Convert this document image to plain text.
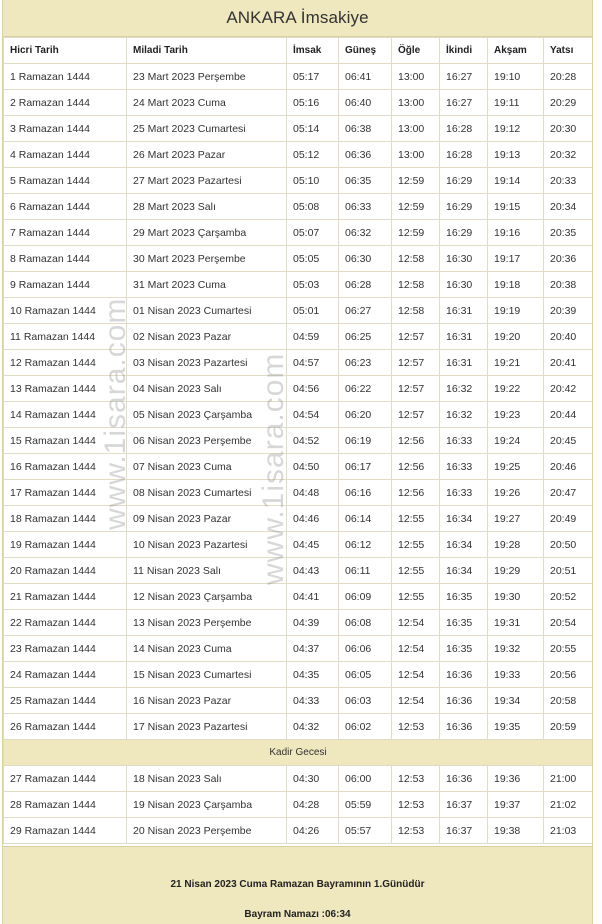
ANKARA İmsakiye
Hicri Tarih	Miladi Tarih	İmsak	Güneş	Öğle	İkindi	Akşam	Yatsı
1 Ramazan 1444	23 Mart 2023 Perşembe	05:17	06:41	13:00	16:27	19:10	20:28
2 Ramazan 1444	24 Mart 2023 Cuma	05:16	06:40	13:00	16:27	19:11	20:29
3 Ramazan 1444	25 Mart 2023 Cumartesi	05:14	06:38	13:00	16:28	19:12	20:30
4 Ramazan 1444	26 Mart 2023 Pazar	05:12	06:36	13:00	16:28	19:13	20:32
5 Ramazan 1444	27 Mart 2023 Pazartesi	05:10	06:35	12:59	16:29	19:14	20:33
6 Ramazan 1444	28 Mart 2023 Salı	05:08	06:33	12:59	16:29	19:15	20:34
7 Ramazan 1444	29 Mart 2023 Çarşamba	05:07	06:32	12:59	16:29	19:16	20:35
8 Ramazan 1444	30 Mart 2023 Perşembe	05:05	06:30	12:58	16:30	19:17	20:36
9 Ramazan 1444	31 Mart 2023 Cuma	05:03	06:28	12:58	16:30	19:18	20:38
10 Ramazan 1444	01 Nisan 2023 Cumartesi	05:01	06:27	12:58	16:31	19:19	20:39
11 Ramazan 1444	02 Nisan 2023 Pazar	04:59	06:25	12:57	16:31	19:20	20:40
12 Ramazan 1444	03 Nisan 2023 Pazartesi	04:57	06:23	12:57	16:31	19:21	20:41
13 Ramazan 1444	04 Nisan 2023 Salı	04:56	06:22	12:57	16:32	19:22	20:42
14 Ramazan 1444	05 Nisan 2023 Çarşamba	04:54	06:20	12:57	16:32	19:23	20:44
15 Ramazan 1444	06 Nisan 2023 Perşembe	04:52	06:19	12:56	16:33	19:24	20:45
16 Ramazan 1444	07 Nisan 2023 Cuma	04:50	06:17	12:56	16:33	19:25	20:46
17 Ramazan 1444	08 Nisan 2023 Cumartesi	04:48	06:16	12:56	16:33	19:26	20:47
18 Ramazan 1444	09 Nisan 2023 Pazar	04:46	06:14	12:55	16:34	19:27	20:49
19 Ramazan 1444	10 Nisan 2023 Pazartesi	04:45	06:12	12:55	16:34	19:28	20:50
20 Ramazan 1444	11 Nisan 2023 Salı	04:43	06:11	12:55	16:34	19:29	20:51
21 Ramazan 1444	12 Nisan 2023 Çarşamba	04:41	06:09	12:55	16:35	19:30	20:52
22 Ramazan 1444	13 Nisan 2023 Perşembe	04:39	06:08	12:54	16:35	19:31	20:54
23 Ramazan 1444	14 Nisan 2023 Cuma	04:37	06:06	12:54	16:35	19:32	20:55
24 Ramazan 1444	15 Nisan 2023 Cumartesi	04:35	06:05	12:54	16:36	19:33	20:56
25 Ramazan 1444	16 Nisan 2023 Pazar	04:33	06:03	12:54	16:36	19:34	20:58
26 Ramazan 1444	17 Nisan 2023 Pazartesi	04:32	06:02	12:53	16:36	19:35	20:59
Kadir Gecesi							
27 Ramazan 1444	18 Nisan 2023 Salı	04:30	06:00	12:53	16:36	19:36	21:00
28 Ramazan 1444	19 Nisan 2023 Çarşamba	04:28	05:59	12:53	16:37	19:37	21:02
29 Ramazan 1444	20 Nisan 2023 Perşembe	04:26	05:57	12:53	16:37	19:38	21:03
21 Nisan 2023 Cuma Ramazan Bayramının 1.Günüdür
Bayram Namazı :06:34
www.1isara.com	www.1isara.com
